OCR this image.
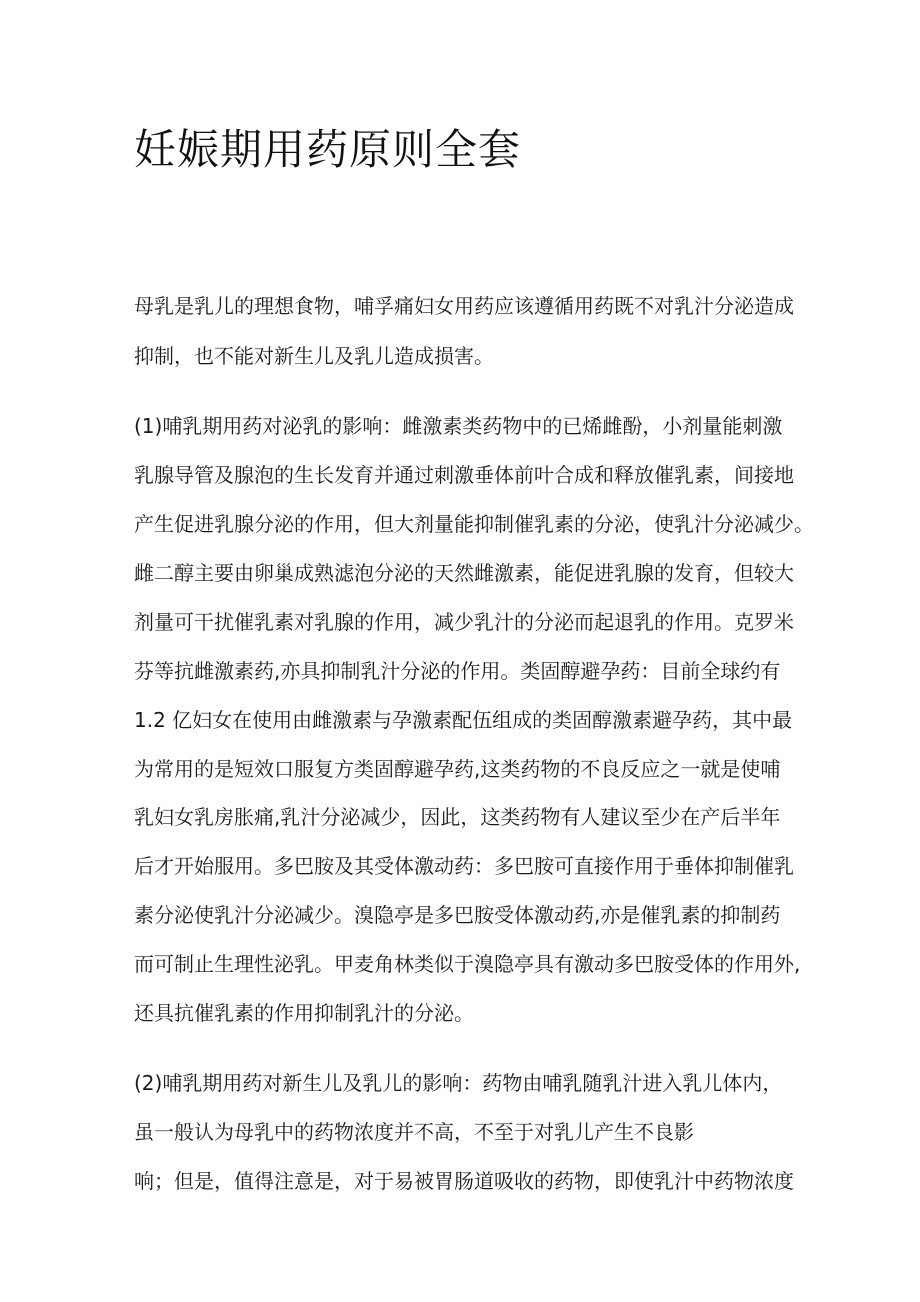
妊娠期用药原则全套

母乳是乳儿的理想食物，哺孚痛妇女用药应该遵循用药既不对乳汁分泌造成

抑制，也不能对新生儿及乳儿造成损害。

(1)哺乳期用药对泌乳的影响：雌激素类药物中的已烯雌酚，小剂量能刺激

乳腺导管及腺泡的生长发育并通过刺激垂体前叶合成和释放催乳素，间接地

产生促进乳腺分泌的作用，但大剂量能抑制催乳素的分泌，使乳汁分泌减少。

雌二醇主要由卵巢成熟滤泡分泌的天然雌激素，能促进乳腺的发育，但较大

剂量可干扰催乳素对乳腺的作用，减少乳汁的分泌而起退乳的作用。克罗米

芬等抗雌激素药,亦具抑制乳汁分泌的作用。类固醇避孕药：目前全球约有

1.2 亿妇女在使用由雌激素与孕激素配伍组成的类固醇激素避孕药，其中最

为常用的是短效口服复方类固醇避孕药,这类药物的不良反应之一就是使哺

乳妇女乳房胀痛,乳汁分泌减少，因此，这类药物有人建议至少在产后半年

后才开始服用。多巴胺及其受体激动药：多巴胺可直接作用于垂体抑制催乳

素分泌使乳汁分泌减少。溴隐亭是多巴胺受体激动药,亦是催乳素的抑制药

而可制止生理性泌乳。甲麦角林类似于溴隐亭具有激动多巴胺受体的作用外,

还具抗催乳素的作用抑制乳汁的分泌。

(2)哺乳期用药对新生儿及乳儿的影响：药物由哺乳随乳汁进入乳儿体内，

虽一般认为母乳中的药物浓度并不高，不至于对乳儿产生不良影

响；但是，值得注意是，对于易被胃肠道吸收的药物，即使乳汁中药物浓度
